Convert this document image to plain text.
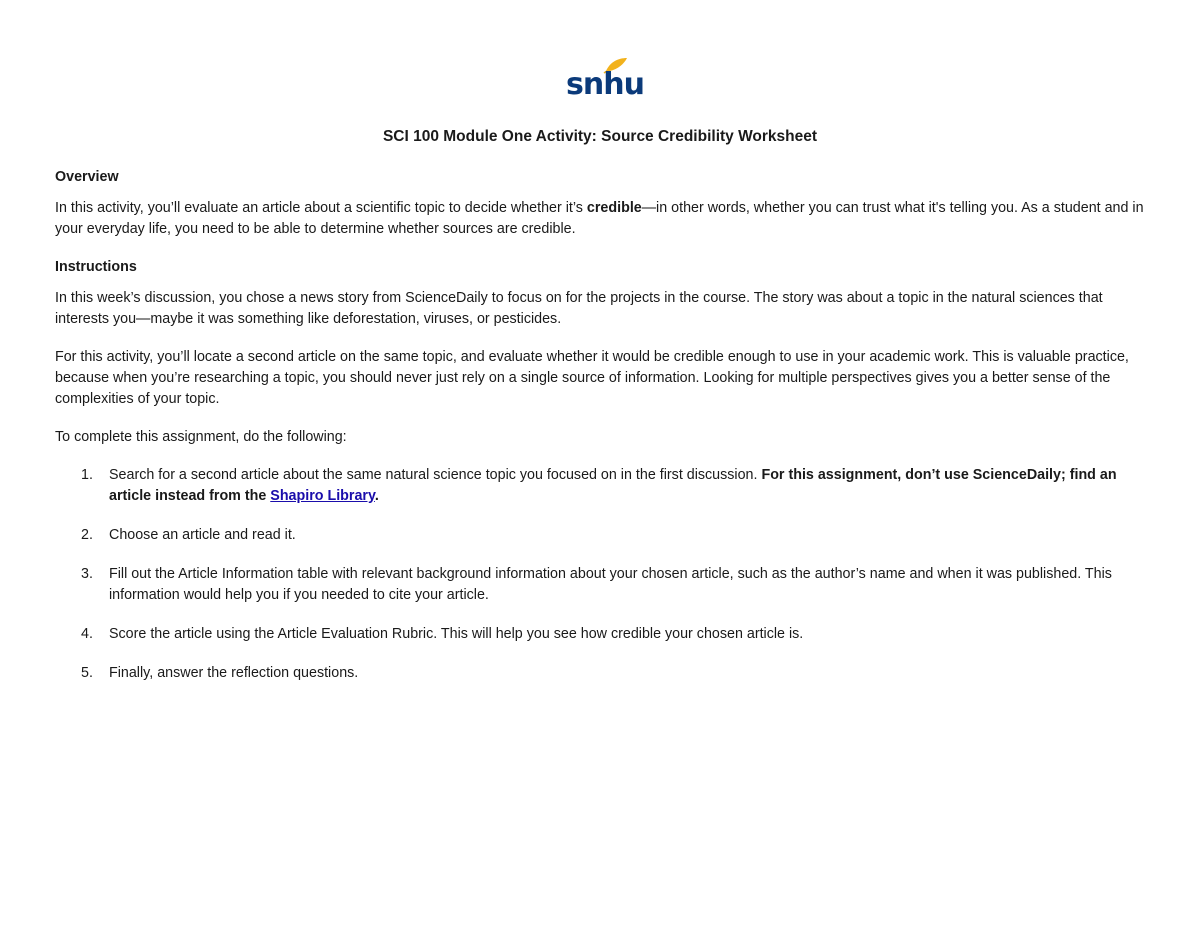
snhu
SCI 100 Module One Activity: Source Credibility Worksheet

Overview

In this activity, you’ll evaluate an article about a scientific topic to decide whether it’s credible—in other words, whether you can trust what it's telling you. As a student and in your everyday life, you need to be able to determine whether sources are credible.

Instructions

In this week’s discussion, you chose a news story from ScienceDaily to focus on for the projects in the course. The story was about a topic in the natural sciences that interests you—maybe it was something like deforestation, viruses, or pesticides.

For this activity, you’ll locate a second article on the same topic, and evaluate whether it would be credible enough to use in your academic work. This is valuable practice, because when you’re researching a topic, you should never just rely on a single source of information. Looking for multiple perspectives gives you a better sense of the complexities of your topic.

To complete this assignment, do the following:

1. Search for a second article about the same natural science topic you focused on in the first discussion. For this assignment, don’t use ScienceDaily; find an article instead from the Shapiro Library.
2. Choose an article and read it.
3. Fill out the Article Information table with relevant background information about your chosen article, such as the author’s name and when it was published. This information would help you if you needed to cite your article.
4. Score the article using the Article Evaluation Rubric. This will help you see how credible your chosen article is.
5. Finally, answer the reflection questions.
